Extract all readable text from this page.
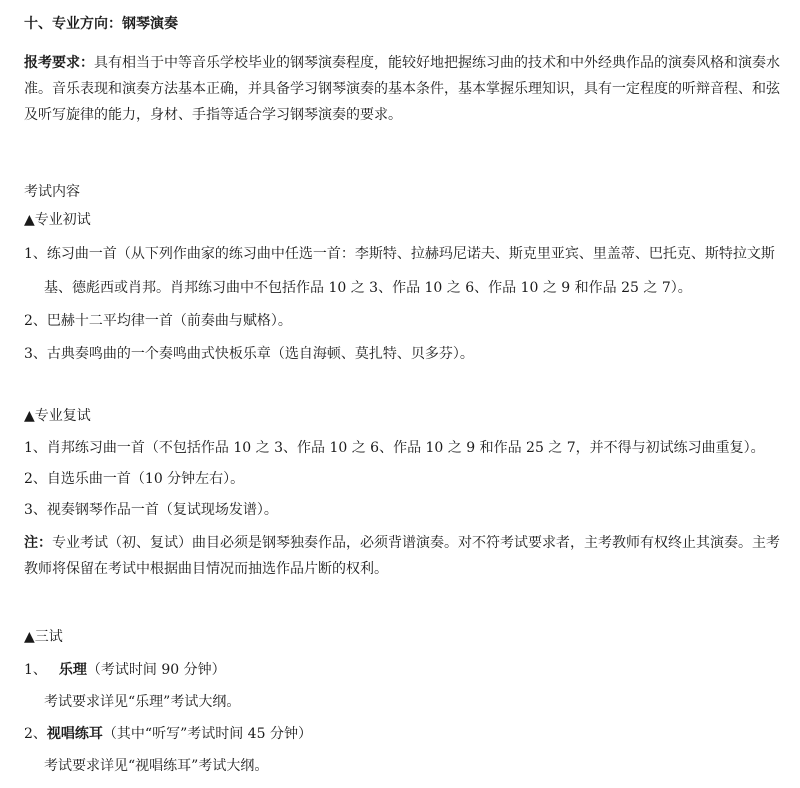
十、专业方向：钢琴演奏
报考要求：具有相当于中等音乐学校毕业的钢琴演奏程度，能较好地把握练习曲的技术和中外经典作品的演奏风格和演奏水准。音乐表现和演奏方法基本正确，并具备学习钢琴演奏的基本条件，基本掌握乐理知识，具有一定程度的听辩音程、和弦及听写旋律的能力，身材、手指等适合学习钢琴演奏的要求。
考试内容
▲专业初试
1、练习曲一首（从下列作曲家的练习曲中任选一首：李斯特、拉赫玛尼诺夫、斯克里亚宾、里盖蒂、巴托克、斯特拉文斯
基、德彪西或肖邦。肖邦练习曲中不包括作品 10 之 3、作品 10 之 6、作品 10 之 9 和作品 25 之 7）。
2、巴赫十二平均律一首（前奏曲与赋格）。
3、古典奏鸣曲的一个奏鸣曲式快板乐章（选自海顿、莫扎特、贝多芬）。
▲专业复试
1、肖邦练习曲一首（不包括作品 10 之 3、作品 10 之 6、作品 10 之 9 和作品 25 之 7，并不得与初试练习曲重复）。
2、自选乐曲一首（10 分钟左右）。
3、视奏钢琴作品一首（复试现场发谱）。
注：专业考试（初、复试）曲目必须是钢琴独奏作品，必须背谱演奏。对不符考试要求者，主考教师有权终止其演奏。主考教师将保留在考试中根据曲目情况而抽选作品片断的权利。
▲三试
1、 乐理（考试时间 90 分钟）
考试要求详见“乐理”考试大纲。
2、视唱练耳（其中“听写”考试时间 45 分钟）
考试要求详见“视唱练耳”考试大纲。
